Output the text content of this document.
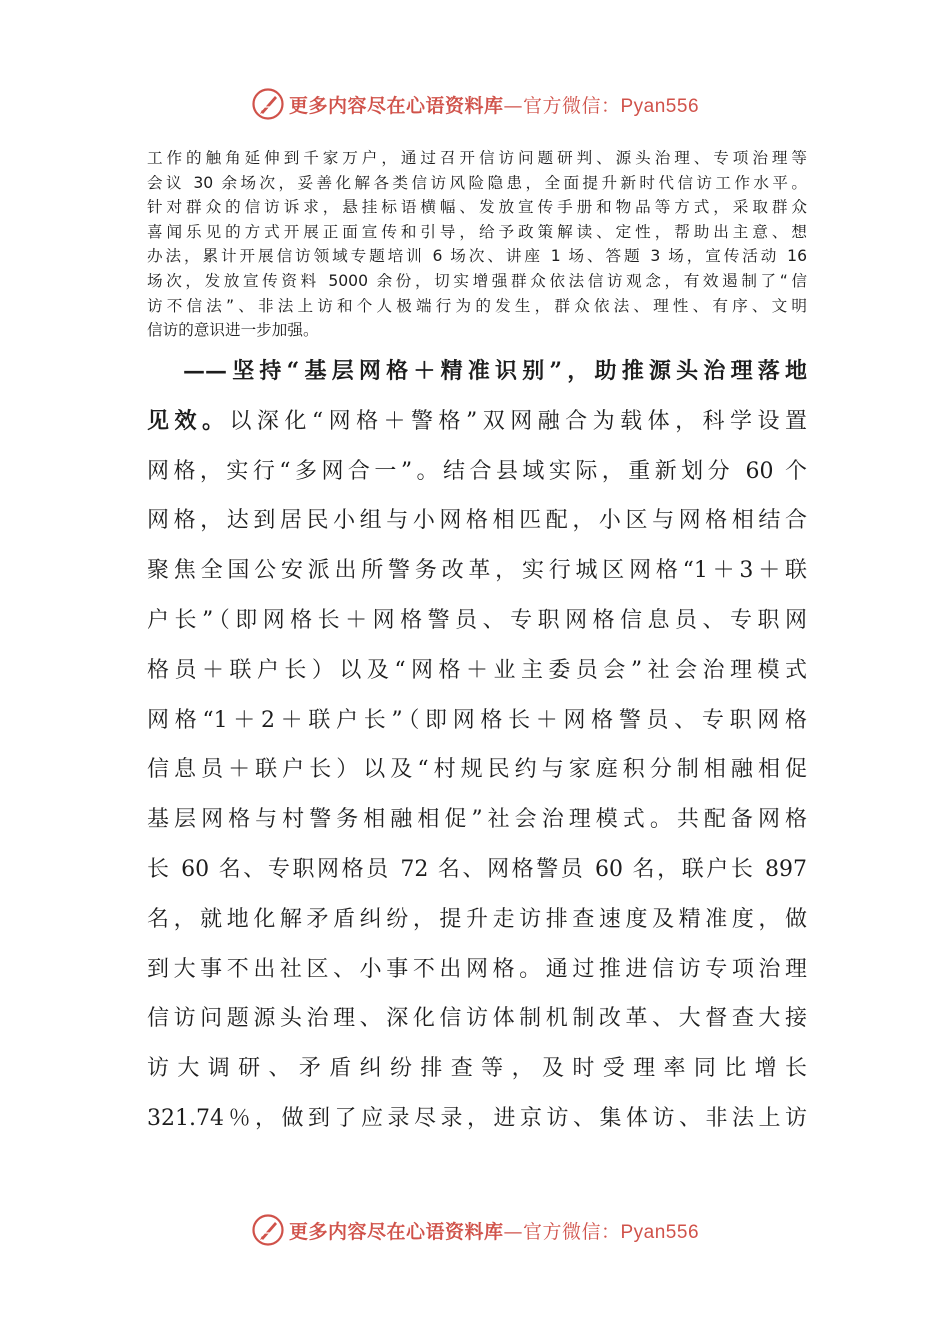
更多内容尽在心语资料库—官方微信：Pyan556
工作的触角延伸到千家万户，通过召开信访问题研判、源头治理、专项治理等
会议 30 余场次，妥善化解各类信访风险隐患，全面提升新时代信访工作水平。
针对群众的信访诉求，悬挂标语横幅、发放宣传手册和物品等方式，采取群众
喜闻乐见的方式开展正面宣传和引导，给予政策解读、定性，帮助出主意、想
办法，累计开展信访领域专题培训 6 场次、讲座 1 场、答题 3 场，宣传活动 16
场次，发放宣传资料 5000 余份，切实增强群众依法信访观念，有效遏制了“信
访不信法”、非法上访和个人极端行为的发生，群众依法、理性、有序、文明
信访的意识进一步加强。
——坚持“基层网格＋精准识别”，助推源头治理落地
见效。以深化“网格＋警格”双网融合为载体，科学设置
网格，实行“多网合一”。结合县域实际，重新划分 60 个
网格，达到居民小组与小网格相匹配，小区与网格相结合
聚焦全国公安派出所警务改革，实行城区网格“1＋3＋联
户长”（即网格长＋网格警员、专职网格信息员、专职网
格员＋联户长）以及“网格＋业主委员会”社会治理模式
网格“1＋2＋联户长”（即网格长＋网格警员、专职网格
信息员＋联户长）以及“村规民约与家庭积分制相融相促
基层网格与村警务相融相促”社会治理模式。共配备网格
长 60 名、专职网格员 72 名、网格警员 60 名，联户长 897
名，就地化解矛盾纠纷，提升走访排查速度及精准度，做
到大事不出社区、小事不出网格。通过推进信访专项治理
信访问题源头治理、深化信访体制机制改革、大督查大接
访大调研、矛盾纠纷排查等，及时受理率同比增长
321.74％，做到了应录尽录，进京访、集体访、非法上访
更多内容尽在心语资料库—官方微信：Pyan556
